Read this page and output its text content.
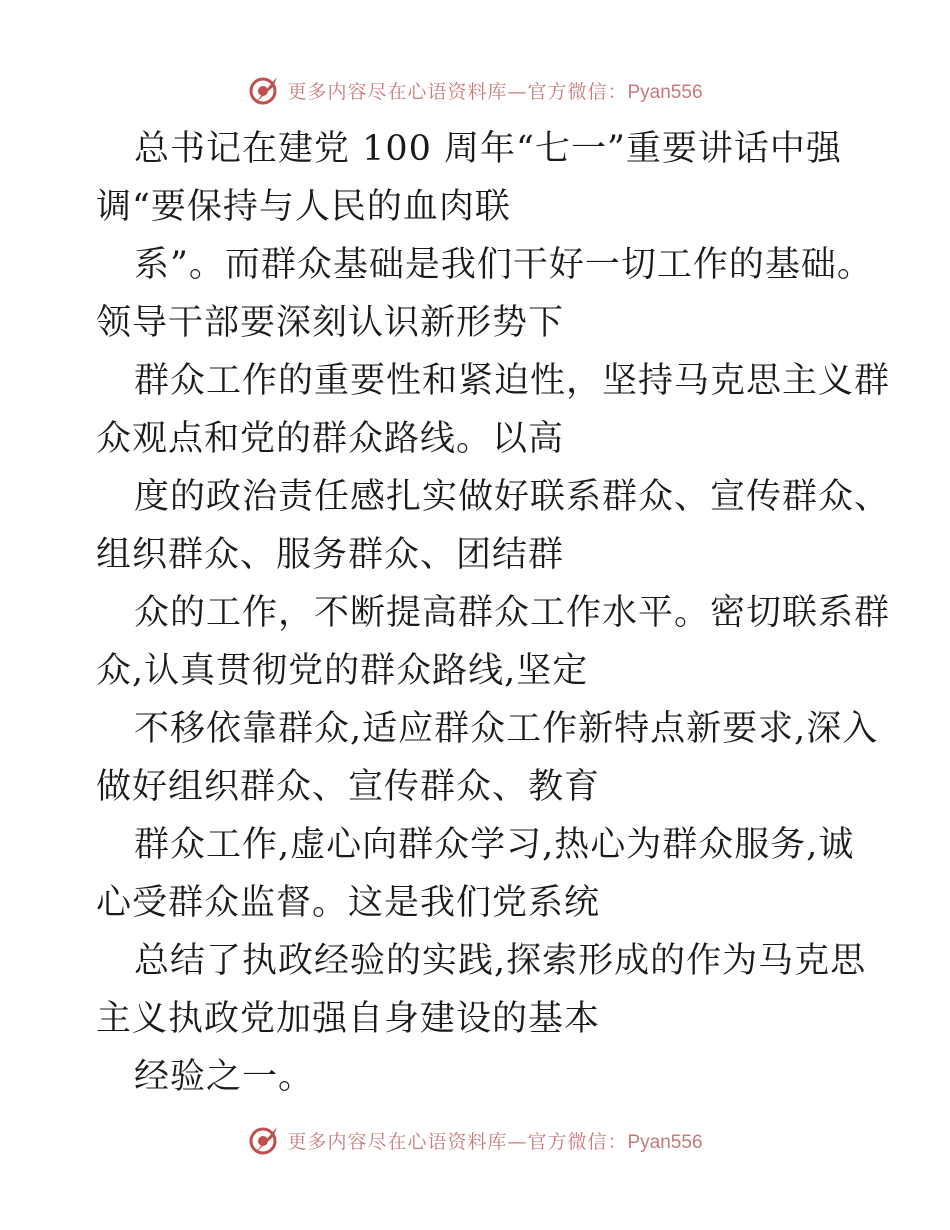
更多内容尽在心语资料库—官方微信：Pyan556
总书记在建党 100 周年“七一”重要讲话中强
调“要保持与人民的血肉联
系”。而群众基础是我们干好一切工作的基础。
领导干部要深刻认识新形势下
群众工作的重要性和紧迫性，坚持马克思主义群
众观点和党的群众路线。以高
度的政治责任感扎实做好联系群众、宣传群众、
组织群众、服务群众、团结群
众的工作，不断提高群众工作水平。密切联系群
众,认真贯彻党的群众路线,坚定
不移依靠群众,适应群众工作新特点新要求,深入
做好组织群众、宣传群众、教育
群众工作,虚心向群众学习,热心为群众服务,诚
心受群众监督。这是我们党系统
总结了执政经验的实践,探索形成的作为马克思
主义执政党加强自身建设的基本
经验之一。
更多内容尽在心语资料库—官方微信：Pyan556
